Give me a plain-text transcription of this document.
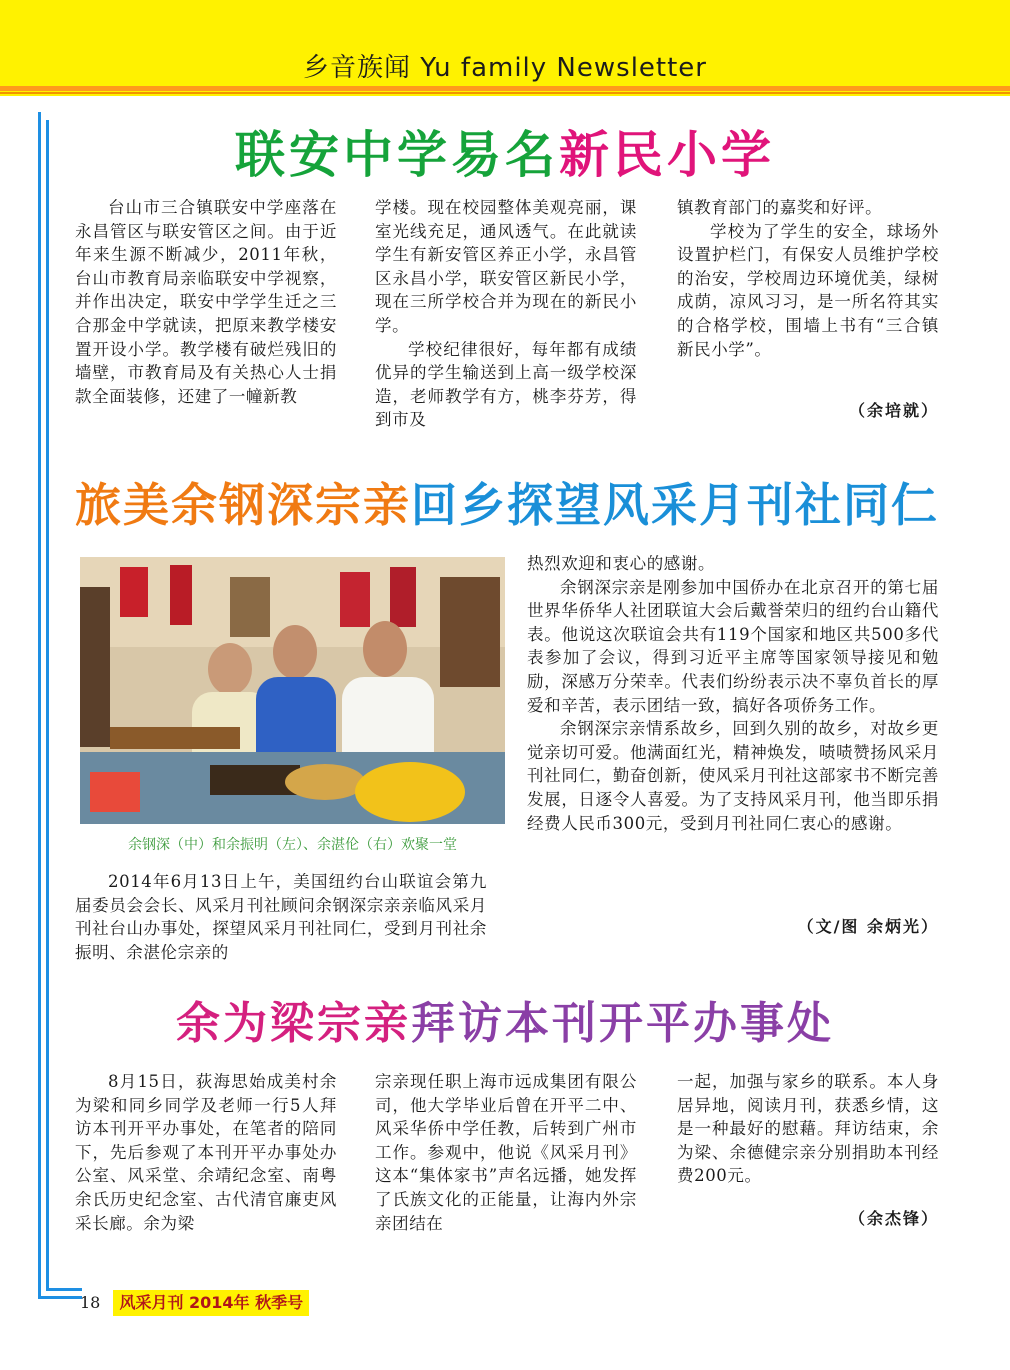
乡音族闻 Yu family Newsletter
联安中学易名新民小学

台山市三合镇联安中学座落在永昌管区与联安管区之间。由于近年来生源不断减少，2011年秋，台山市教育局亲临联安中学视察，并作出决定，联安中学学生迁之三合那金中学就读，把原来教学楼安置开设小学。教学楼有破烂残旧的墙壁，市教育局及有关热心人士捐款全面装修，还建了一幢新教

学楼。现在校园整体美观亮丽，课室光线充足，通风透气。在此就读学生有新安管区养正小学，永昌管区永昌小学，联安管区新民小学，现在三所学校合并为现在的新民小学。

学校纪律很好，每年都有成绩优异的学生输送到上高一级学校深造，老师教学有方，桃李芬芳，得到市及

镇教育部门的嘉奖和好评。

学校为了学生的安全，球场外设置护栏门，有保安人员维护学校的治安，学校周边环境优美，绿树成荫，凉风习习，是一所名符其实的合格学校，围墙上书有“三合镇新民小学”。

（余培就）
旅美余钢深宗亲回乡探望风采月刊社同仁
余钢深（中）和余振明（左）、余湛伦（右）欢聚一堂

2014年6月13日上午，美国纽约台山联谊会第九届委员会会长、风采月刊社顾问余钢深宗亲亲临风采月刊社台山办事处，探望风采月刊社同仁，受到月刊社余振明、余湛伦宗亲的

热烈欢迎和衷心的感谢。

余钢深宗亲是刚参加中国侨办在北京召开的第七届世界华侨华人社团联谊大会后戴誉荣归的纽约台山籍代表。他说这次联谊会共有119个国家和地区共500多代表参加了会议，得到习近平主席等国家领导接见和勉励，深感万分荣幸。代表们纷纷表示决不辜负首长的厚爱和辛苦，表示团结一致，搞好各项侨务工作。

余钢深宗亲情系故乡，回到久别的故乡，对故乡更觉亲切可爱。他满面红光，精神焕发，啧啧赞扬风采月刊社同仁，勤奋创新，使风采月刊社这部家书不断完善发展，日逐令人喜爱。为了支持风采月刊，他当即乐捐经费人民币300元，受到月刊社同仁衷心的感谢。

（文/图 余炳光）
余为梁宗亲拜访本刊开平办事处

8月15日，荻海思始成美村余为梁和同乡同学及老师一行5人拜访本刊开平办事处，在笔者的陪同下，先后参观了本刊开平办事处办公室、风采堂、余靖纪念室、南粤余氏历史纪念室、古代清官廉吏风采长廊。余为梁

宗亲现任职上海市远成集团有限公司，他大学毕业后曾在开平二中、风采华侨中学任教，后转到广州市工作。参观中，他说《风采月刊》这本“集体家书”声名远播，她发挥了氏族文化的正能量，让海内外宗亲团结在

一起，加强与家乡的联系。本人身居异地，阅读月刊，获悉乡情，这是一种最好的慰藉。拜访结束，余为梁、余德健宗亲分别捐助本刊经费200元。

（余杰锋）
18 风采月刊 2014年 秋季号
